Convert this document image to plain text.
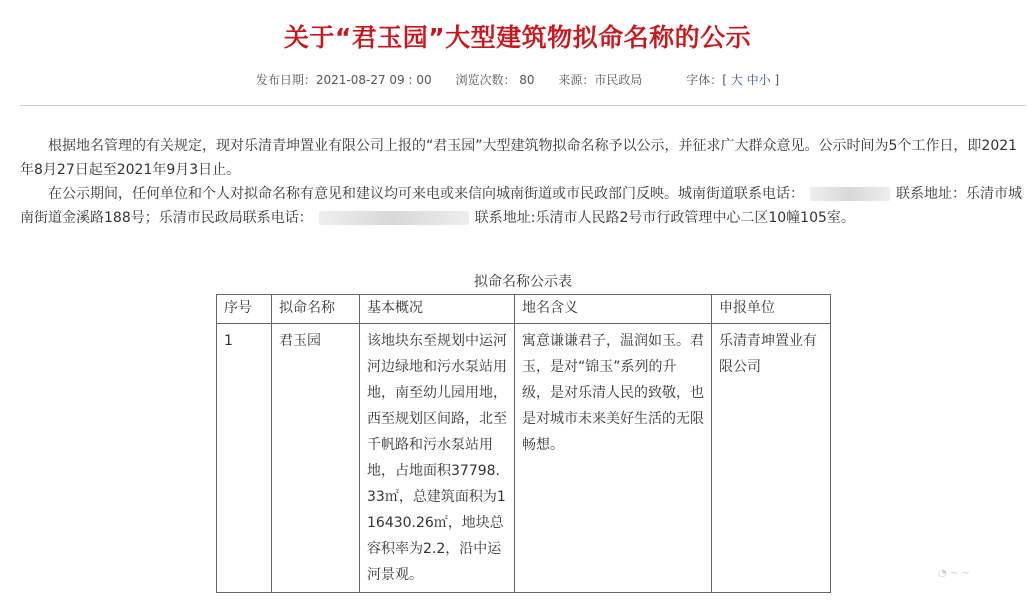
关于“君玉园”大型建筑物拟命名称的公示
发布日期：2021-08-27 09 : 00 浏览次数： 80 来源：市民政局	字体：[ 大 中小 ]

根据地名管理的有关规定，现对乐清青坤置业有限公司上报的“君玉园”大型建筑物拟命名称予以公示，并征求广大群众意见。公示时间为5个工作日，即2021年8月27日起至2021年9月3日止。

在公示期间，任何单位和个人对拟命名称有意见和建议均可来电或来信向城南街道或市民政部门反映。城南街道联系电话：	联系地址：乐清市城南街道金溪路188号；乐清市民政局联系电话：	联系地址:乐清市人民路2号市行政管理中心二区10幢105室。

拟命名称公示表
序号	拟命名称	基本概况	地名含义	申报单位
1	君玉园	该地块东至规划中运河河边绿地和污水泵站用地，南至幼儿园用地，西至规划区间路，北至千帆路和污水泵站用地，占地面积37798.33㎡，总建筑面积为116430.26㎡，地块总容积率为2.2，沿中运河景观。	寓意谦谦君子，温润如玉。君玉，是对“锦玉”系列的升级，是对乐清人民的致敬，也是对城市未来美好生活的无限畅想。	乐清青坤置业有限公司
◔ ~ ~
